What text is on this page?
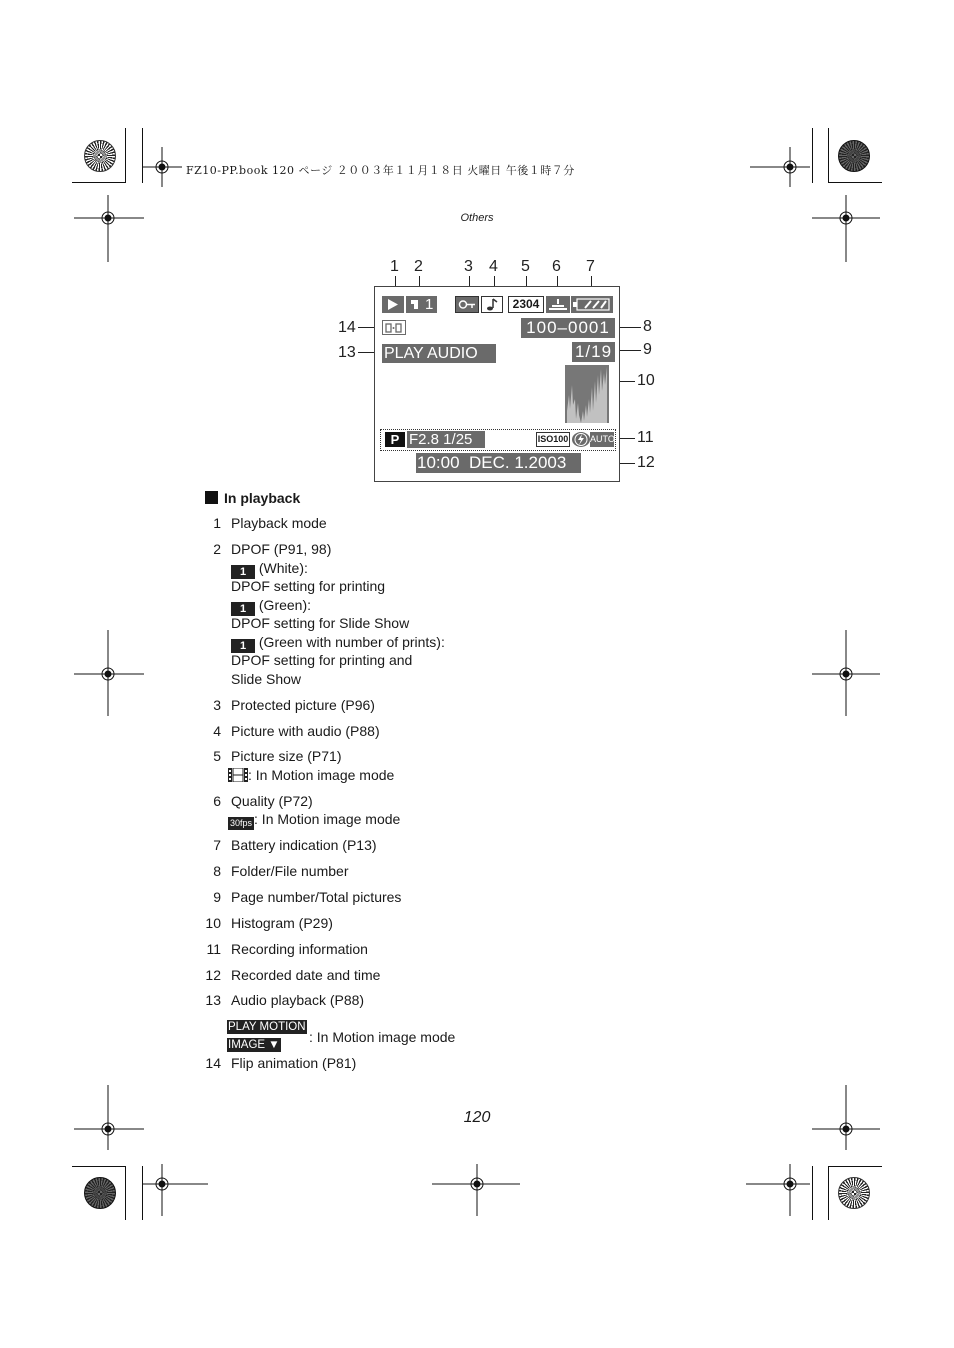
FZ10-PP.book 120 ページ ２００３年１１月１８日 火曜日 午後１時７分
Others
1 2	3 4 5 6 7
8
9
10
11
12
14
13
1	2304
100–0001
PLAY AUDIO ▼
1/19
P F2.8 1/25	ISO100 AUTO
10:00  DEC. 1.2003
In playback
1 Playback mode
2 DPOF (P91, 98)
1 (White):
DPOF setting for printing
1 (Green):
DPOF setting for Slide Show
1 (Green with number of prints):
DPOF setting for printing and
Slide Show
3 Protected picture (P96)
4 Picture with audio (P88)
5 Picture size (P71)
: In Motion image mode
6 Quality (P72)
30fps : In Motion image mode
7 Battery indication (P13)
8 Folder/File number
9 Page number/Total pictures
10 Histogram (P29)
11 Recording information
12 Recorded date and time
13 Audio playback (P88)
PLAY MOTION
IMAGE ▼	: In Motion image mode
14 Flip animation (P81)
120
